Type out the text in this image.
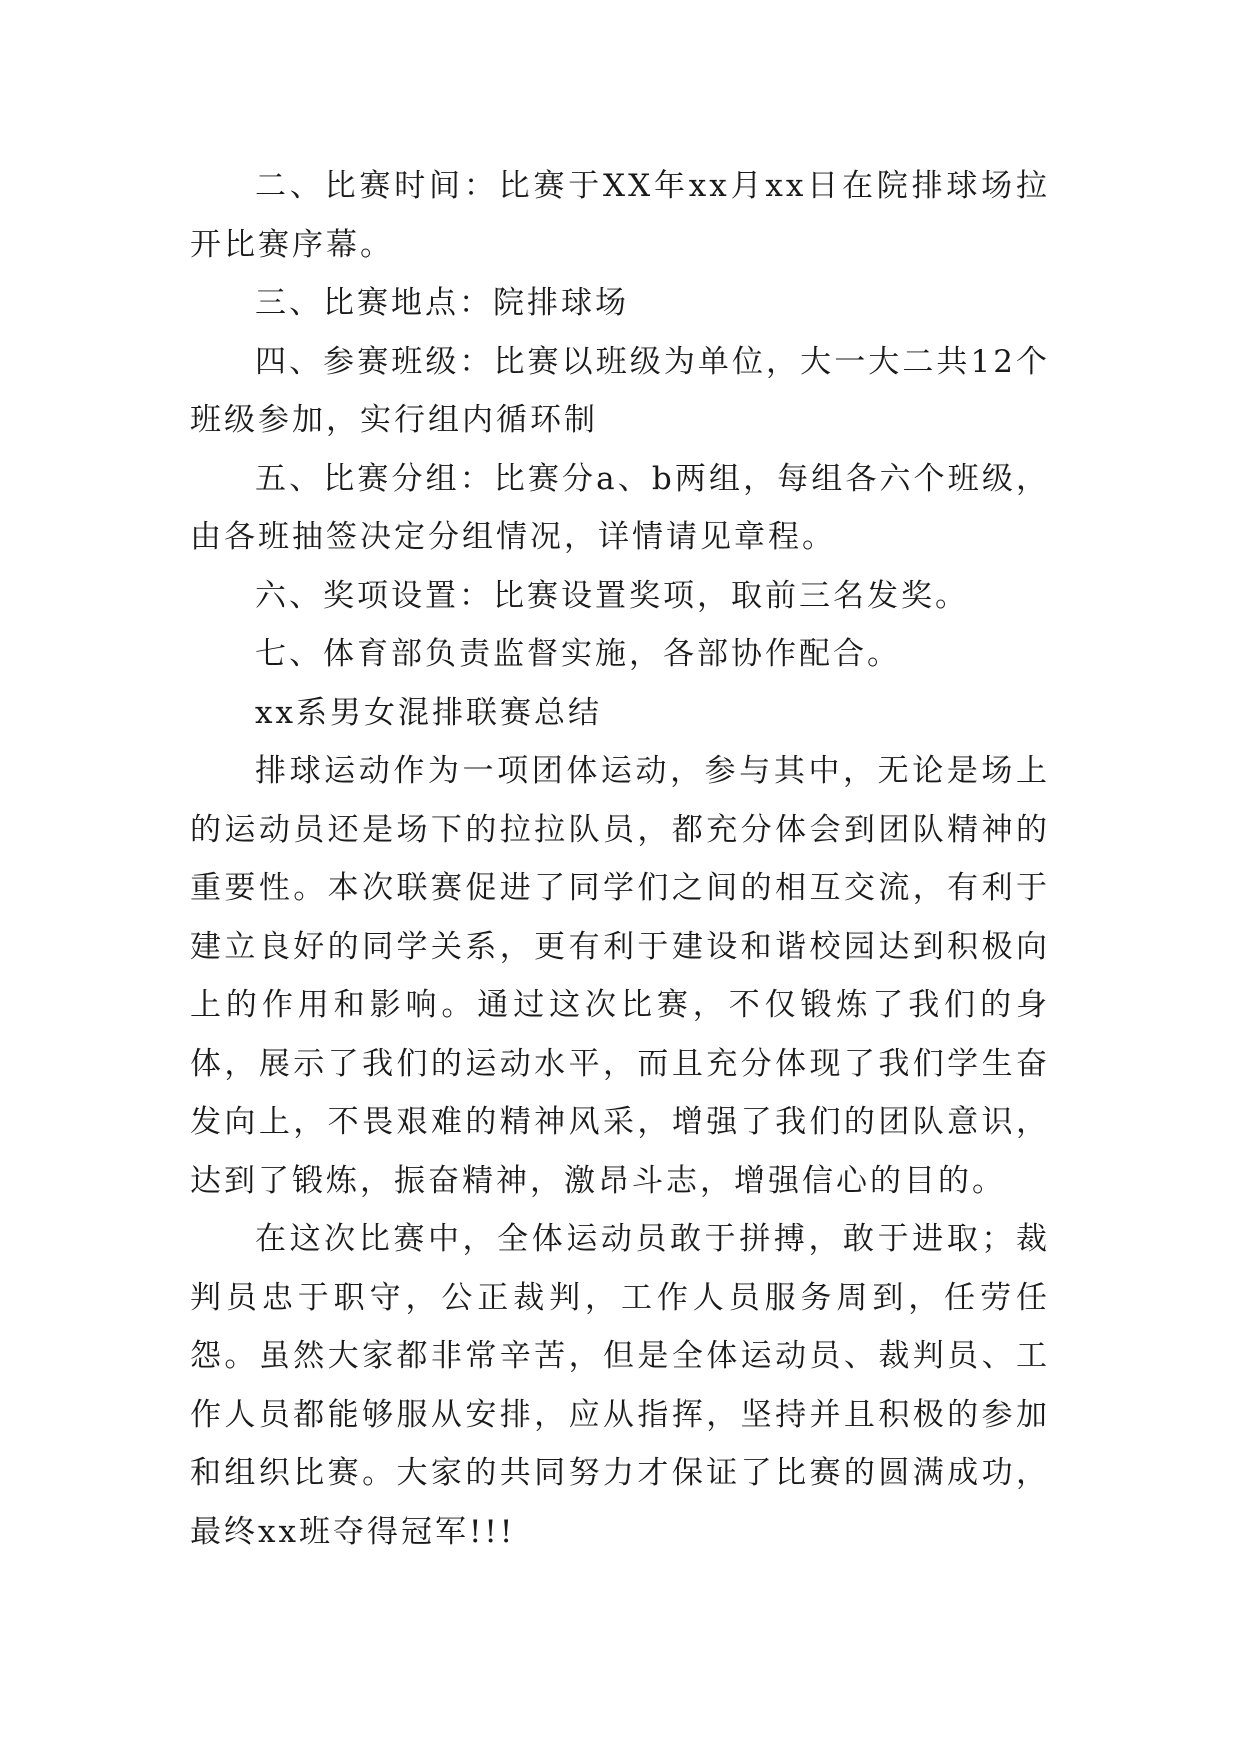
二、比赛时间：比赛于XX年xx月xx日在院排球场拉开比赛序幕。

三、比赛地点：院排球场

四、参赛班级：比赛以班级为单位，大一大二共12个班级参加，实行组内循环制

五、比赛分组：比赛分a、b两组，每组各六个班级，由各班抽签决定分组情况，详情请见章程。

六、奖项设置：比赛设置奖项，取前三名发奖。

七、体育部负责监督实施，各部协作配合。

xx系男女混排联赛总结

排球运动作为一项团体运动，参与其中，无论是场上的运动员还是场下的拉拉队员，都充分体会到团队精神的重要性。本次联赛促进了同学们之间的相互交流，有利于建立良好的同学关系，更有利于建设和谐校园达到积极向上的作用和影响。通过这次比赛，不仅锻炼了我们的身体，展示了我们的运动水平，而且充分体现了我们学生奋发向上，不畏艰难的精神风采，增强了我们的团队意识，达到了锻炼，振奋精神，激昂斗志，增强信心的目的。

在这次比赛中，全体运动员敢于拼搏，敢于进取；裁判员忠于职守，公正裁判，工作人员服务周到，任劳任怨。虽然大家都非常辛苦，但是全体运动员、裁判员、工作人员都能够服从安排，应从指挥，坚持并且积极的参加和组织比赛。大家的共同努力才保证了比赛的圆满成功，最终xx班夺得冠军!!!
